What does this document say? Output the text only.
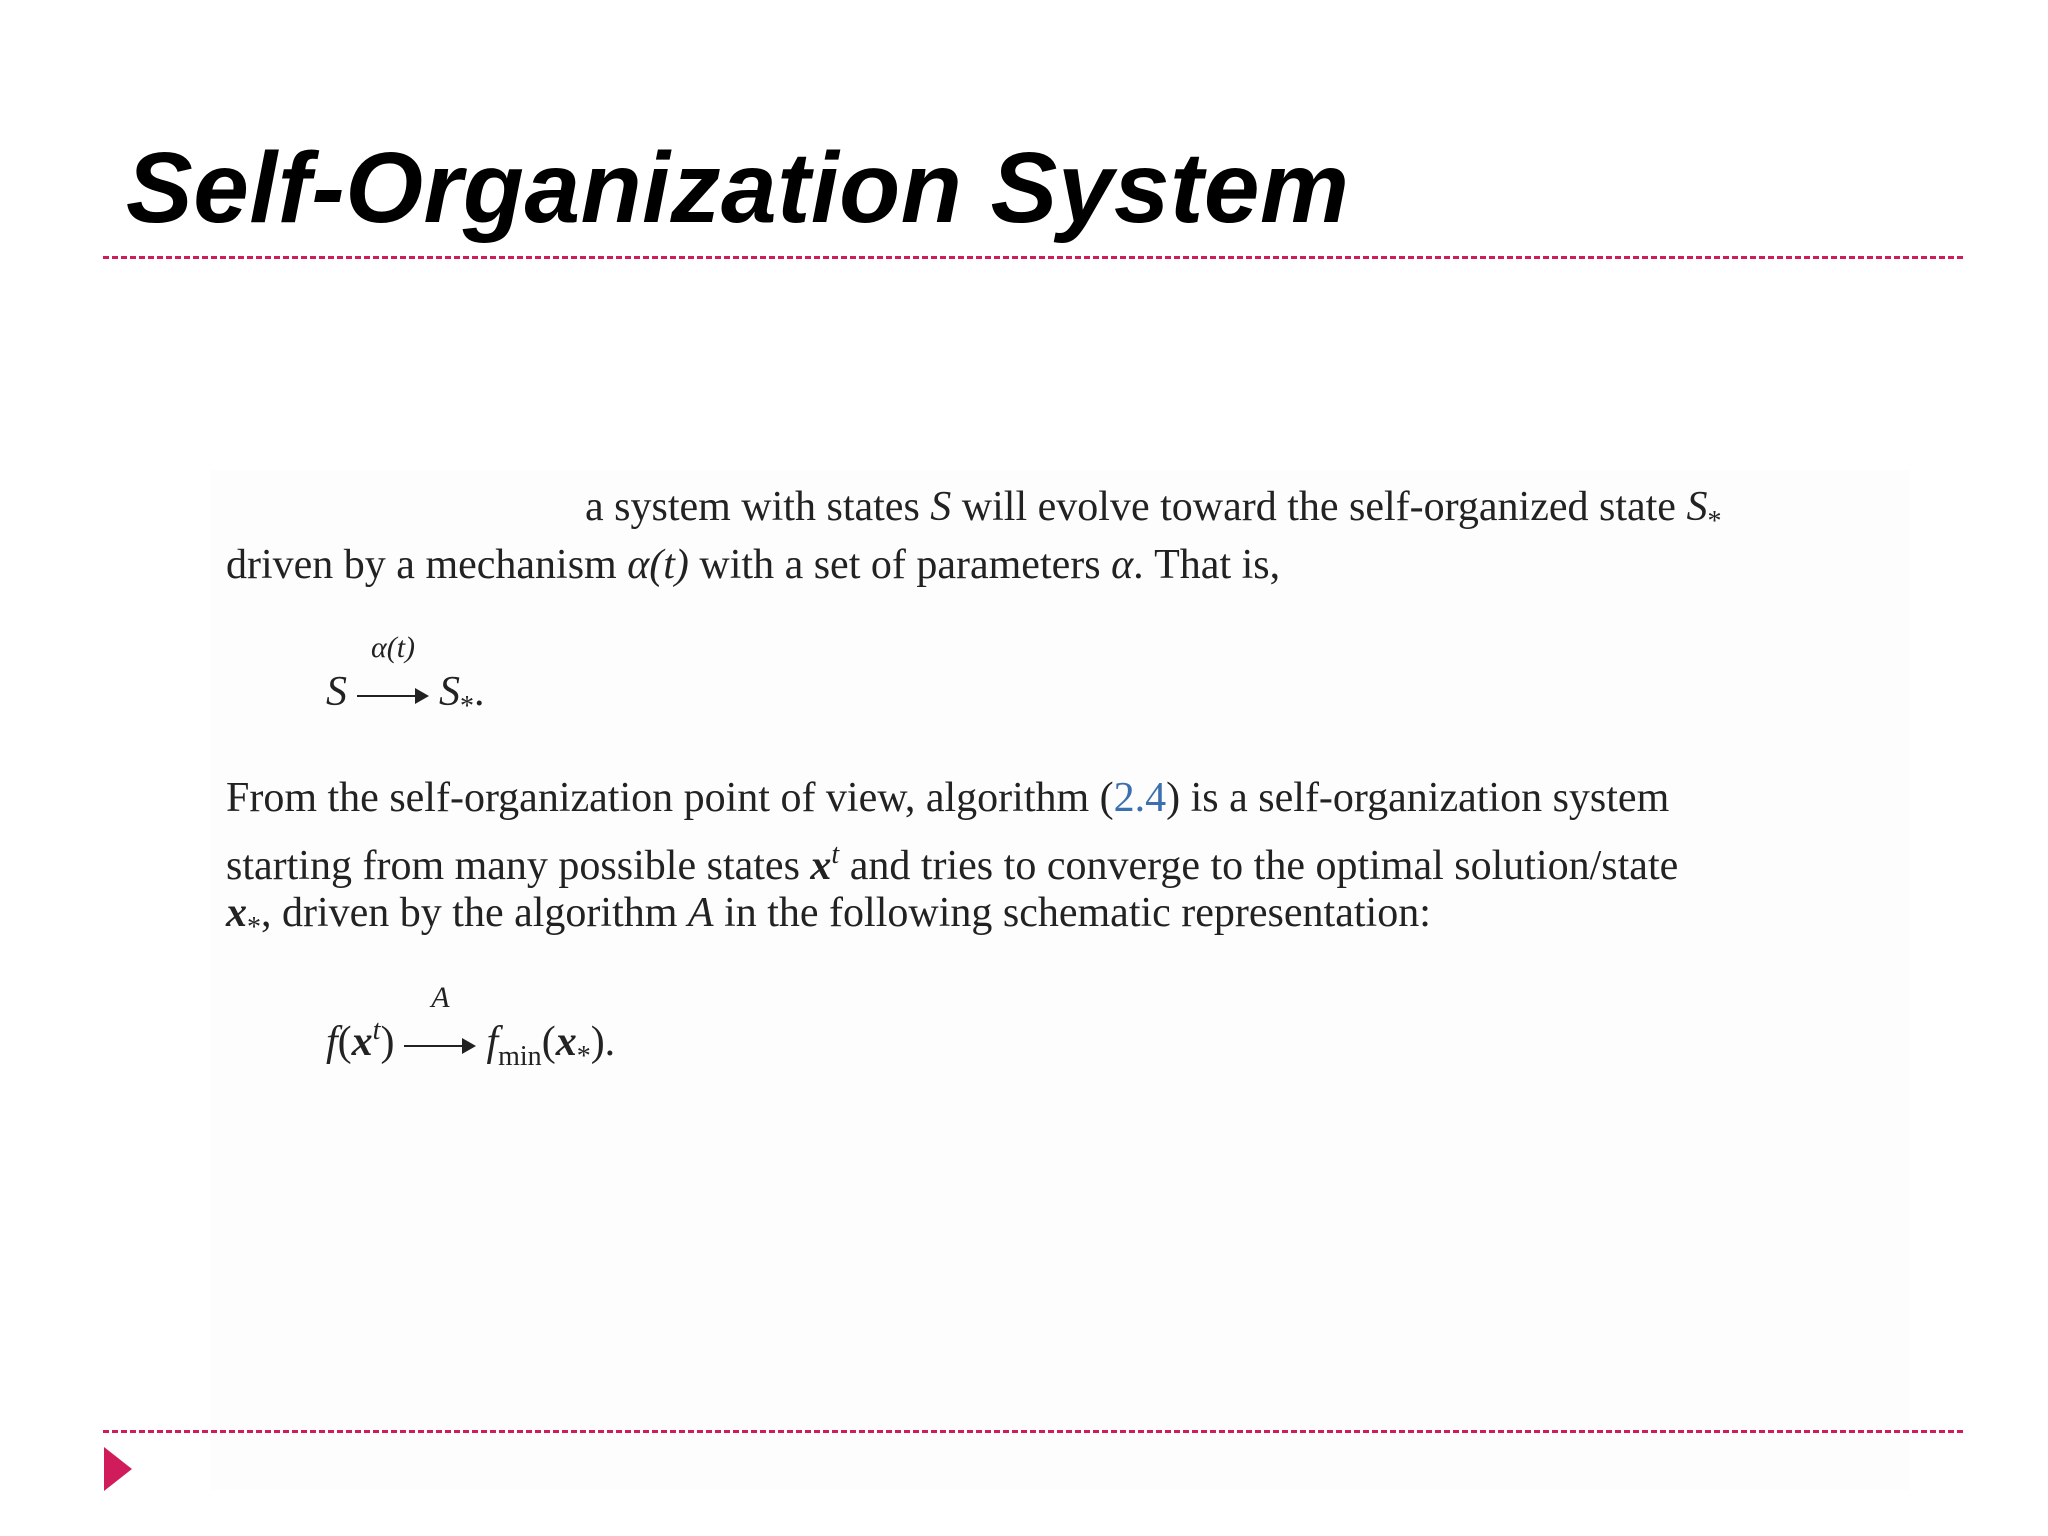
Self-Organization System

a system with states S will evolve toward the self-organized state $S_*$

driven by a mechanism α(t) with a set of parameters α. That is,

S
α(t)
$S_*$.

From the self-organization point of view, algorithm (2.4) is a self-organization system

starting from many possible states $x^t$ and tries to converge to the optimal solution/state

$x_*$, driven by the algorithm A in the following schematic representation:

$f(x^t)$
A
$f_{min}(x_*)$.
